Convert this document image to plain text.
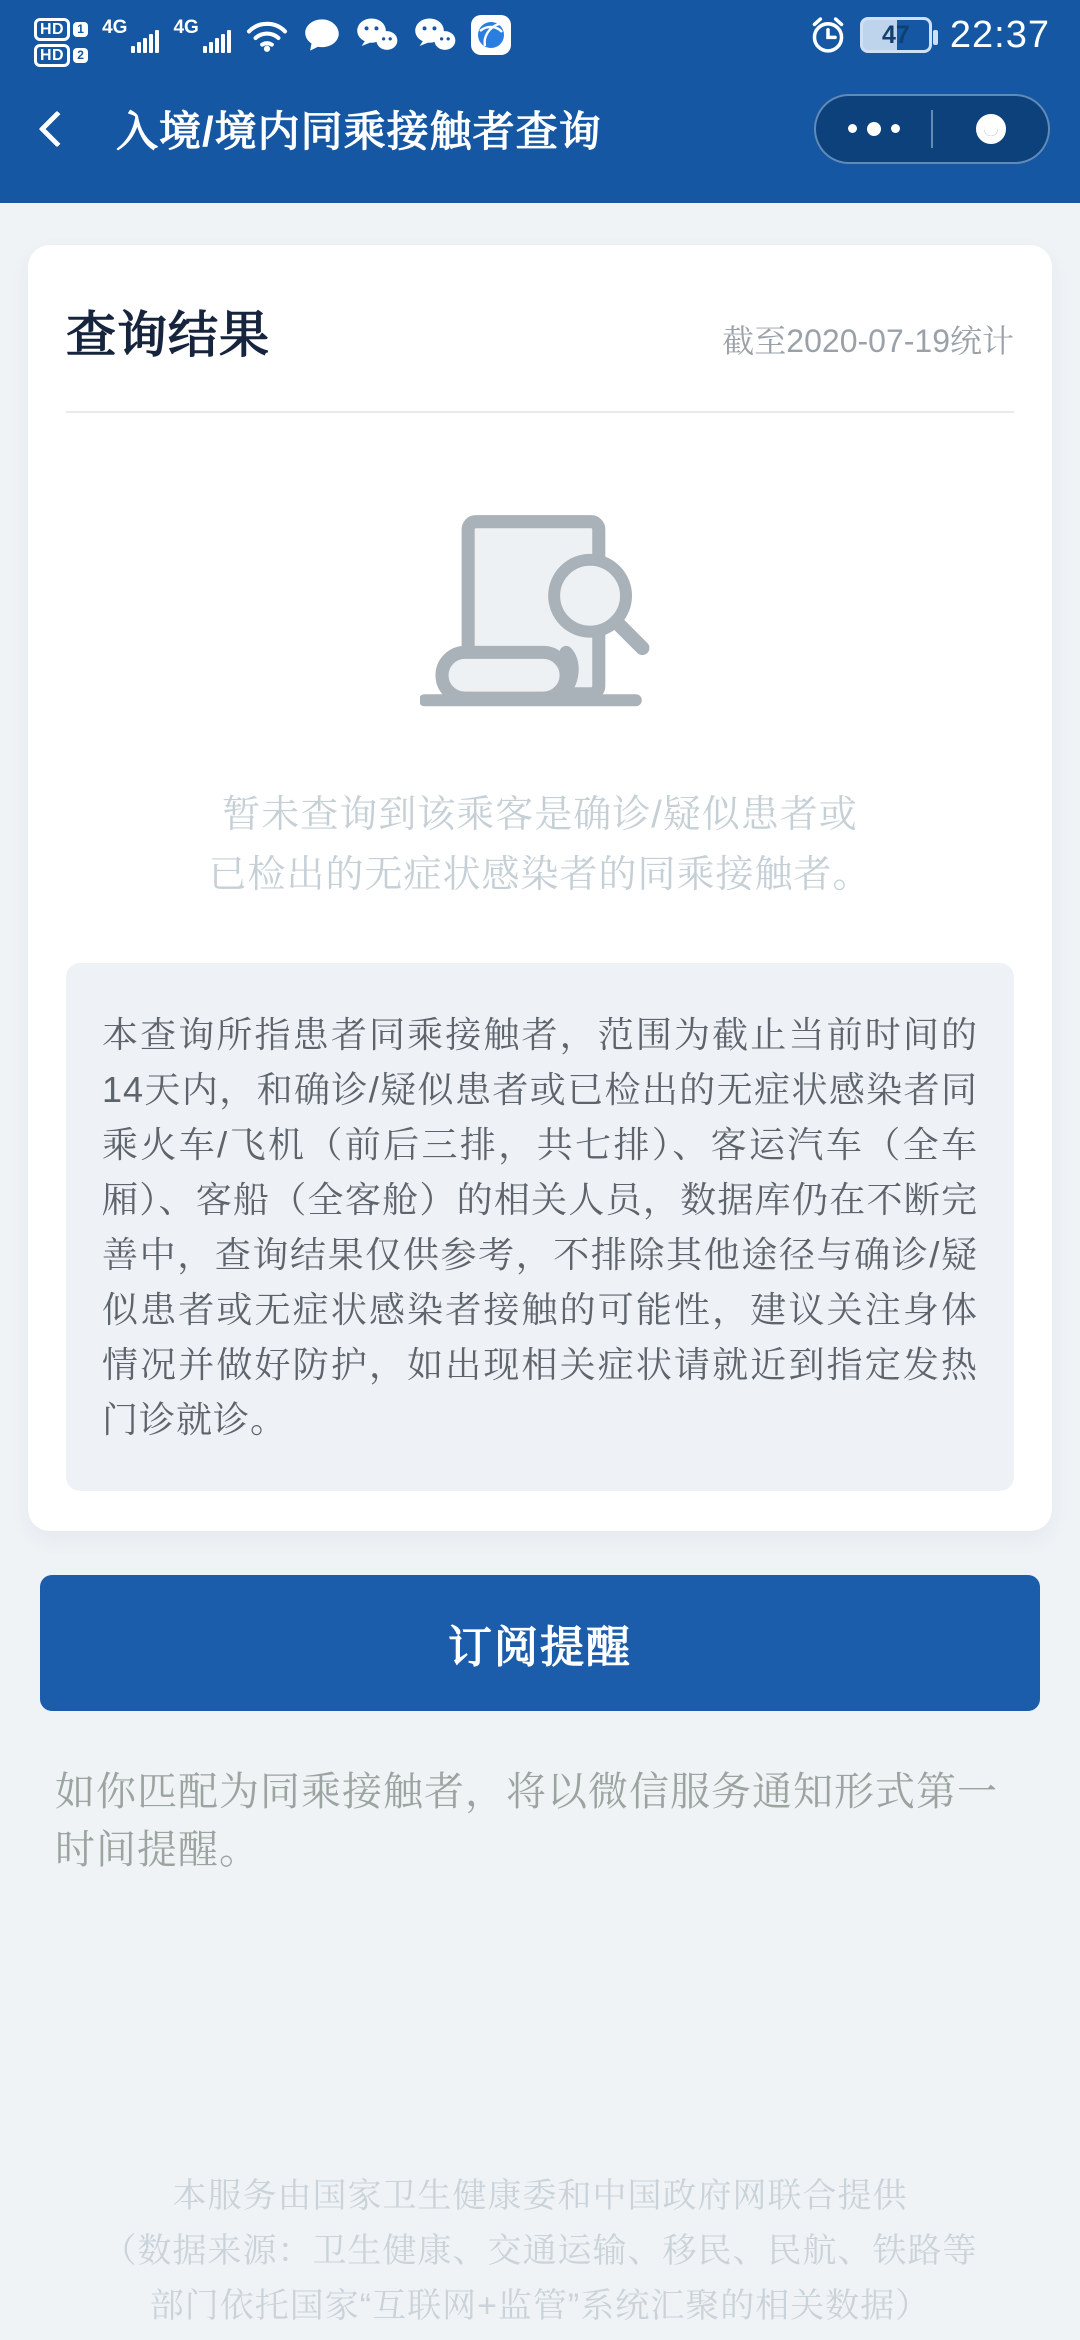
HD	1
HD	2
4G 4G	47 22:37
入境/境内同乘接触者查询
查询结果	截至2020-07-19统计
暂未查询到该乘客是确诊/疑似患者或
已检出的无症状感染者的同乘接触者。
本查询所指患者同乘接触者，范围为截止当前时间的14天内，和确诊/疑似患者或已检出的无症状感染者同乘火车/飞机（前后三排，共七排）、客运汽车（全车厢）、客船（全客舱）的相关人员，数据库仍在不断完善中，查询结果仅供参考，不排除其他途径与确诊/疑似患者或无症状感染者接触的可能性，建议关注身体情况并做好防护，如出现相关症状请就近到指定发热门诊就诊。
订阅提醒
如你匹配为同乘接触者，将以微信服务通知形式第一时间提醒。
本服务由国家卫生健康委和中国政府网联合提供
（数据来源：卫生健康、交通运输、移民、民航、铁路等
部门依托国家“互联网+监管”系统汇聚的相关数据）
